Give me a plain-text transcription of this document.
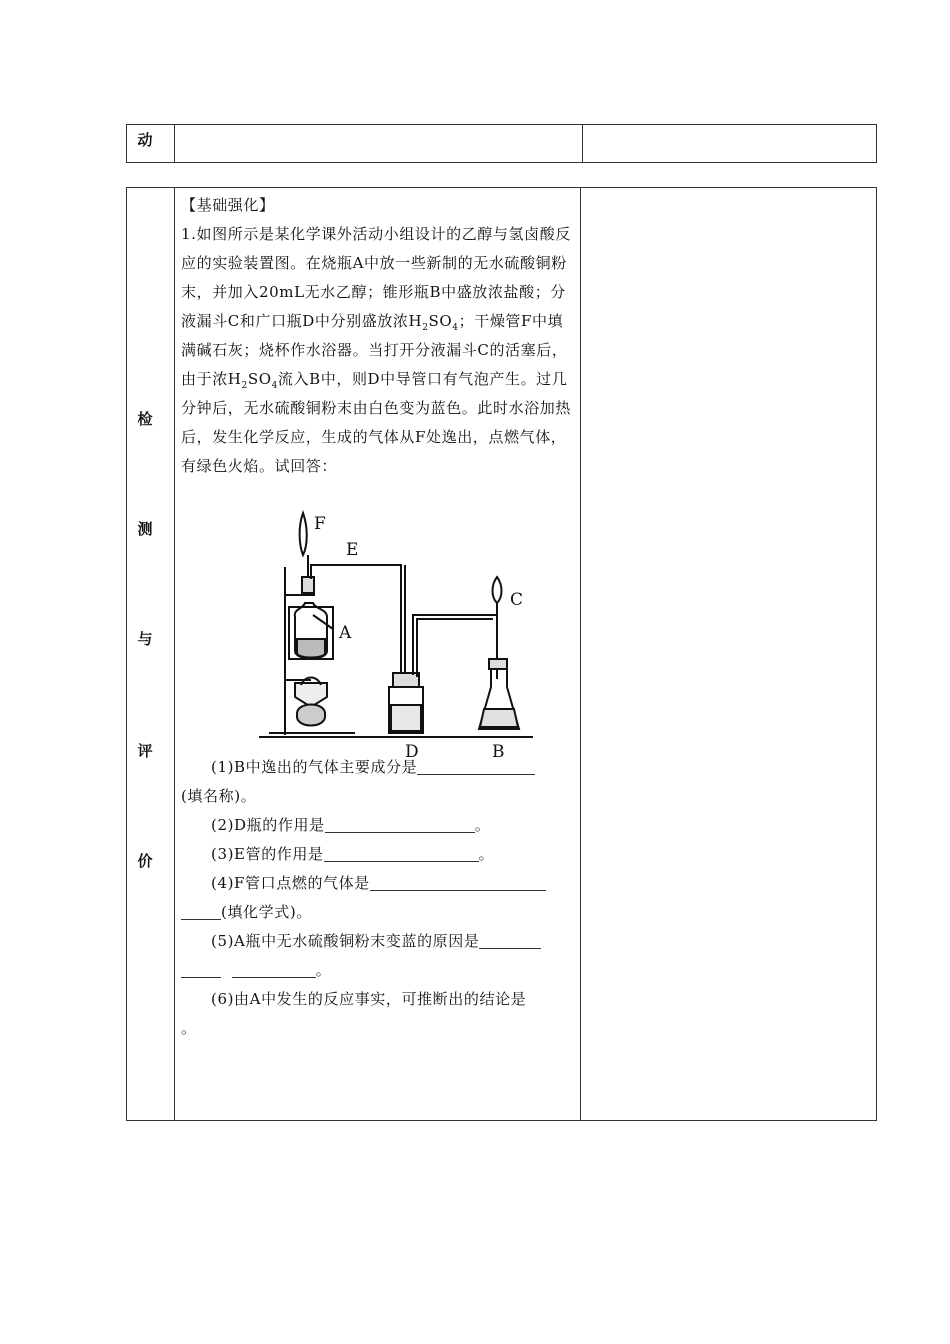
动
检
测
与
评
价

【基础强化】

1.如图所示是某化学课外活动小组设计的乙醇与氢卤酸反应的实验装置图。在烧瓶A中放一些新制的无水硫酸铜粉末，并加入20mL无水乙醇；锥形瓶B中盛放浓盐酸；分液漏斗C和广口瓶D中分别盛放浓$H_2SO_4$；干燥管F中填满碱石灰；烧杯作水浴器。当打开分液漏斗C的活塞后，由于浓$H_2SO_4$流入B中，则D中导管口有气泡产生。过几分钟后，无水硫酸铜粉末由白色变为蓝色。此时水浴加热后，发生化学反应，生成的气体从F处逸出，点燃气体，有绿色火焰。试回答：

(1)B中逸出的气体主要成分是
(填名称)。

(2)D瓶的作用是	。

(3)E管的作用是	。

(4)F管口点燃的气体是
(填化学式)。

(5)A瓶中无水硫酸铜粉末变蓝的原因是
。

(6)由A中发生的反应事实，可推断出的结论是
。

F
E
A
C
D	B
